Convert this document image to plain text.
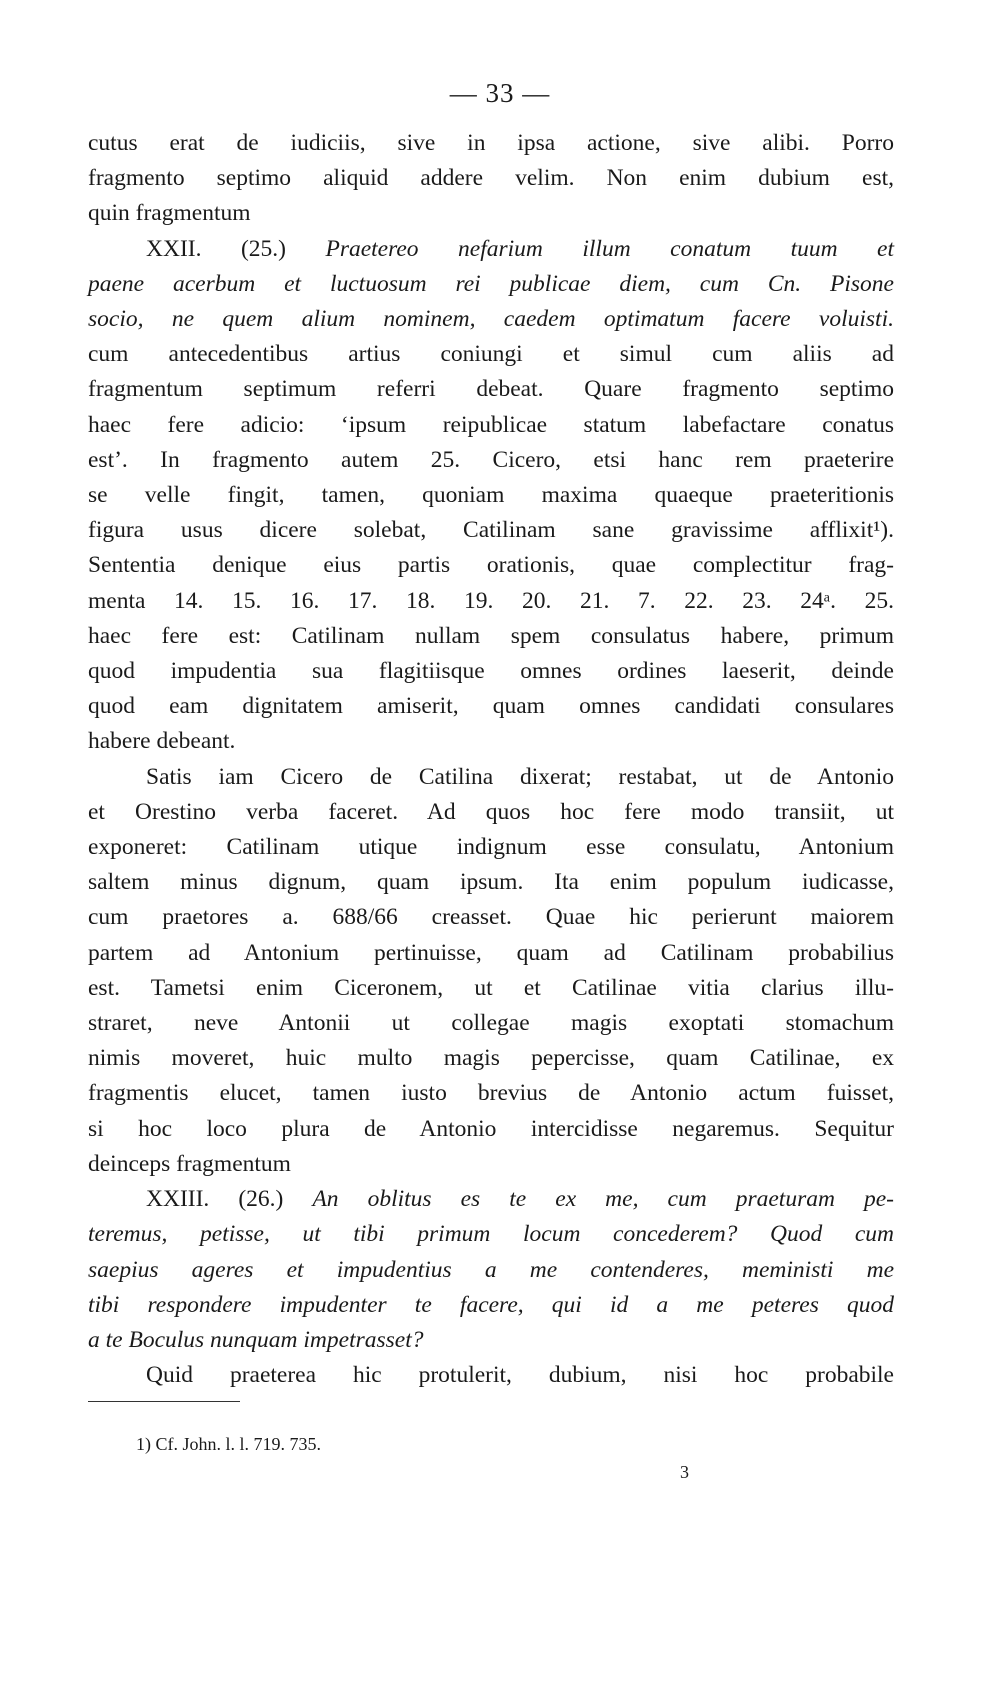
— 33 —

cutus erat de iudiciis, sive in ipsa actione, sive alibi. Porro

fragmento septimo aliquid addere velim. Non enim dubium est,

quin fragmentum

XXII. (25.) Praetereo nefarium illum conatum tuum et

paene acerbum et luctuosum rei publicae diem, cum Cn. Pisone

socio, ne quem alium nominem, caedem optimatum facere voluisti.

cum antecedentibus artius coniungi et simul cum aliis ad

fragmentum septimum referri debeat. Quare fragmento septimo

haec fere adicio: ‘ipsum reipublicae statum labefactare conatus

est’. In fragmento autem 25. Cicero, etsi hanc rem praeterire

se velle fingit, tamen, quoniam maxima quaeque praeteritionis

figura usus dicere solebat, Catilinam sane gravissime afflixit¹).

Sententia denique eius partis orationis, quae complectitur frag-

menta 14. 15. 16. 17. 18. 19. 20. 21. 7. 22. 23. 24ᵃ. 25.

haec fere est: Catilinam nullam spem consulatus habere, primum

quod impudentia sua flagitiisque omnes ordines laeserit, deinde

quod eam dignitatem amiserit, quam omnes candidati consulares

habere debeant.

Satis iam Cicero de Catilina dixerat; restabat, ut de Antonio

et Orestino verba faceret. Ad quos hoc fere modo transiit, ut

exponeret: Catilinam utique indignum esse consulatu, Antonium

saltem minus dignum, quam ipsum. Ita enim populum iudicasse,

cum praetores a. 688/66 creasset. Quae hic perierunt maiorem

partem ad Antonium pertinuisse, quam ad Catilinam probabilius

est. Tametsi enim Ciceronem, ut et Catilinae vitia clarius illu-

straret, neve Antonii ut collegae magis exoptati stomachum

nimis moveret, huic multo magis pepercisse, quam Catilinae, ex

fragmentis elucet, tamen iusto brevius de Antonio actum fuisset,

si hoc loco plura de Antonio intercidisse negaremus. Sequitur

deinceps fragmentum

XXIII. (26.) An oblitus es te ex me, cum praeturam pe-

teremus, petisse, ut tibi primum locum concederem? Quod cum

saepius ageres et impudentius a me contenderes, meministi me

tibi respondere impudenter te facere, qui id a me peteres quod

a te Boculus nunquam impetrasset?

Quid praeterea hic protulerit, dubium, nisi hoc probabile

1) Cf. John. l. l. 719. 735.
3
